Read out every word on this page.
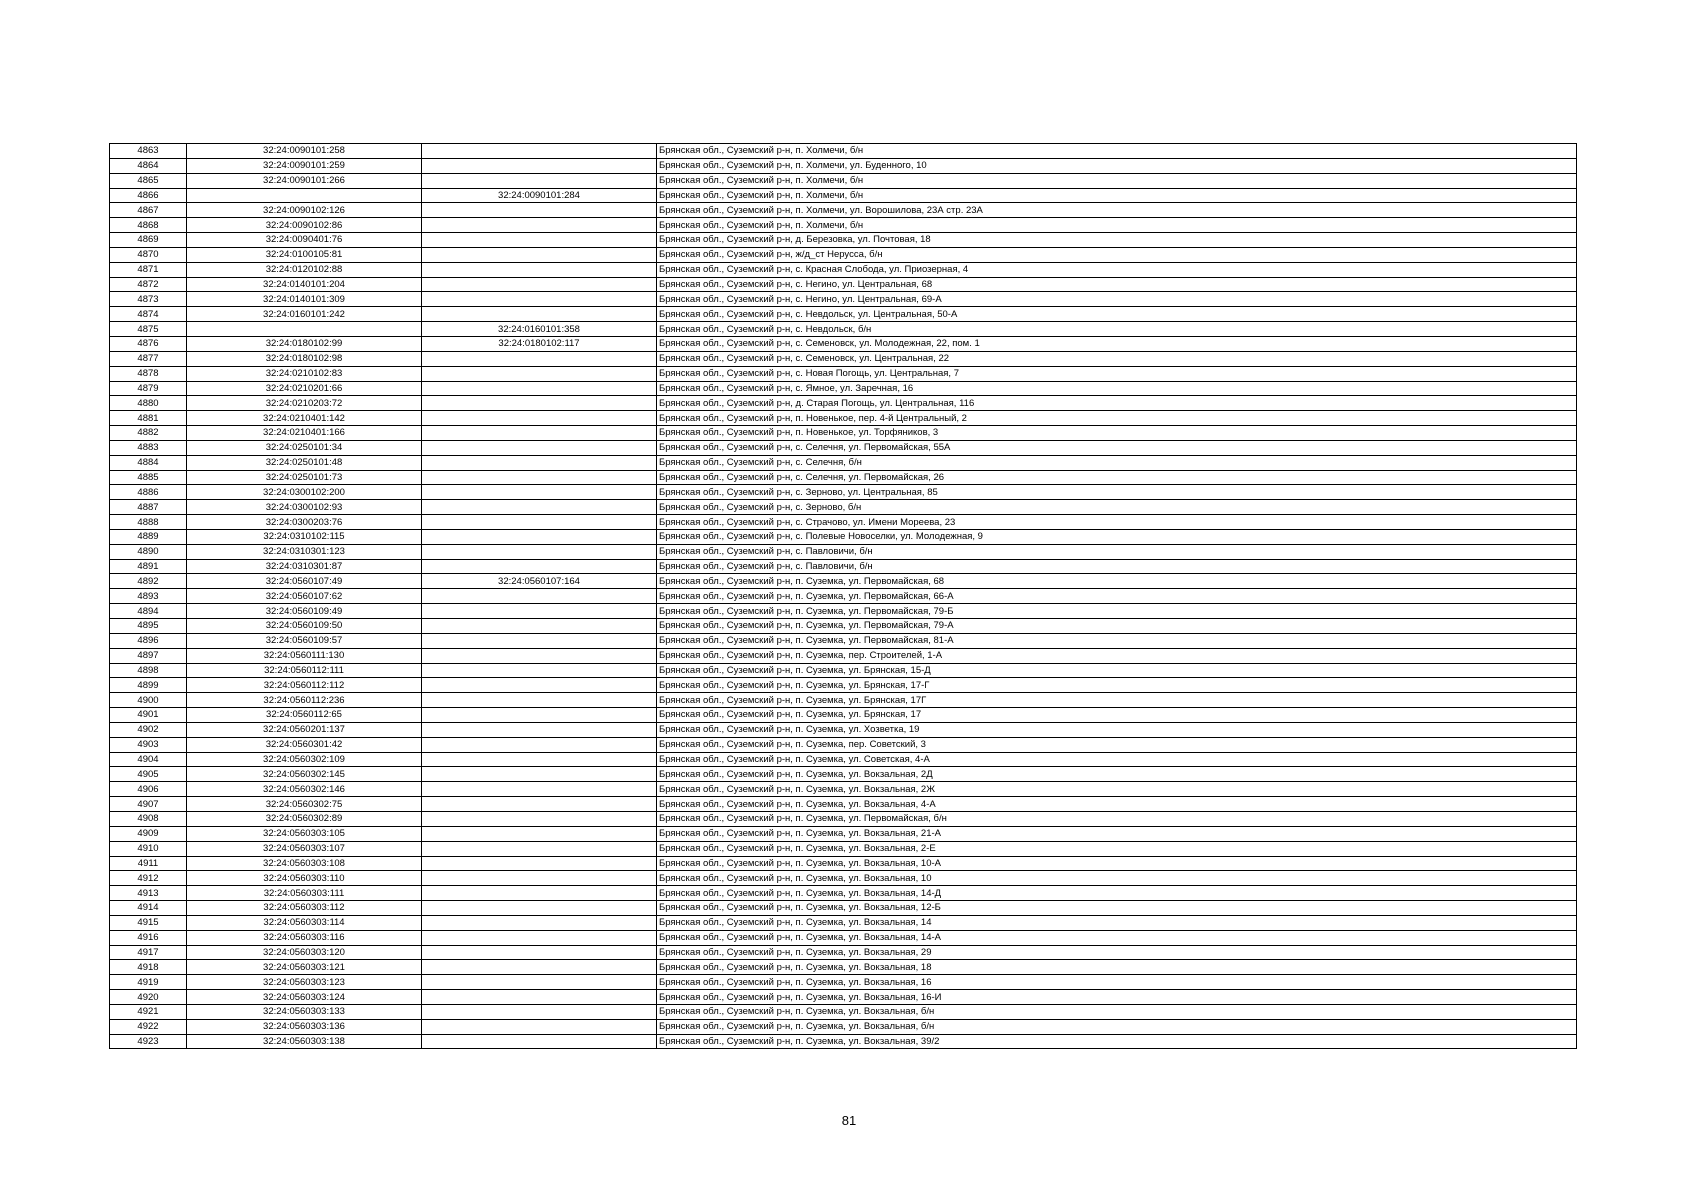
4863	32:24:0090101:258		Брянская обл., Суземский р-н, п. Холмечи, б/н
4864	32:24:0090101:259		Брянская обл., Суземский р-н, п. Холмечи, ул. Буденного, 10
4865	32:24:0090101:266		Брянская обл., Суземский р-н, п. Холмечи, б/н
4866		32:24:0090101:284	Брянская обл., Суземский р-н, п. Холмечи, б/н
4867	32:24:0090102:126		Брянская обл., Суземский р-н, п. Холмечи, ул. Ворошилова, 23А стр. 23А
4868	32:24:0090102:86		Брянская обл., Суземский р-н, п. Холмечи, б/н
4869	32:24:0090401:76		Брянская обл., Суземский р-н, д. Березовка, ул. Почтовая, 18
4870	32:24:0100105:81		Брянская обл., Суземский р-н, ж/д_ст Нерусса, б/н
4871	32:24:0120102:88		Брянская обл., Суземский р-н, с. Красная Слобода, ул. Приозерная, 4
4872	32:24:0140101:204		Брянская обл., Суземский р-н, с. Негино, ул. Центральная, 68
4873	32:24:0140101:309		Брянская обл., Суземский р-н, с. Негино, ул. Центральная, 69-А
4874	32:24:0160101:242		Брянская обл., Суземский р-н, с. Невдольск, ул. Центральная, 50-А
4875		32:24:0160101:358	Брянская обл., Суземский р-н, с. Невдольск, б/н
4876	32:24:0180102:99	32:24:0180102:117	Брянская обл., Суземский р-н, с. Семеновск, ул. Молодежная, 22, пом. 1
4877	32:24:0180102:98		Брянская обл., Суземский р-н, с. Семеновск, ул. Центральная, 22
4878	32:24:0210102:83		Брянская обл., Суземский р-н, с. Новая Погощь, ул. Центральная, 7
4879	32:24:0210201:66		Брянская обл., Суземский р-н, с. Ямное, ул. Заречная, 16
4880	32:24:0210203:72		Брянская обл., Суземский р-н, д. Старая Погощь, ул. Центральная, 116
4881	32:24:0210401:142		Брянская обл., Суземский р-н, п. Новенькое, пер. 4-й Центральный, 2
4882	32:24:0210401:166		Брянская обл., Суземский р-н, п. Новенькое, ул. Торфяников, 3
4883	32:24:0250101:34		Брянская обл., Суземский р-н, с. Селечня, ул. Первомайская, 55А
4884	32:24:0250101:48		Брянская обл., Суземский р-н, с. Селечня, б/н
4885	32:24:0250101:73		Брянская обл., Суземский р-н, с. Селечня, ул. Первомайская, 26
4886	32:24:0300102:200		Брянская обл., Суземский р-н, с. Зерново, ул. Центральная, 85
4887	32:24:0300102:93		Брянская обл., Суземский р-н, с. Зерново, б/н
4888	32:24:0300203:76		Брянская обл., Суземский р-н, с. Страчово, ул. Имени Мореева, 23
4889	32:24:0310102:115		Брянская обл., Суземский р-н, с. Полевые Новоселки, ул. Молодежная, 9
4890	32:24:0310301:123		Брянская обл., Суземский р-н, с. Павловичи, б/н
4891	32:24:0310301:87		Брянская обл., Суземский р-н, с. Павловичи, б/н
4892	32:24:0560107:49	32:24:0560107:164	Брянская обл., Суземский р-н, п. Суземка, ул. Первомайская, 68
4893	32:24:0560107:62		Брянская обл., Суземский р-н, п. Суземка, ул. Первомайская, 66-А
4894	32:24:0560109:49		Брянская обл., Суземский р-н, п. Суземка, ул. Первомайская, 79-Б
4895	32:24:0560109:50		Брянская обл., Суземский р-н, п. Суземка, ул. Первомайская, 79-А
4896	32:24:0560109:57		Брянская обл., Суземский р-н, п. Суземка, ул. Первомайская, 81-А
4897	32:24:0560111:130		Брянская обл., Суземский р-н, п. Суземка, пер. Строителей, 1-А
4898	32:24:0560112:111		Брянская обл., Суземский р-н, п. Суземка, ул. Брянская, 15-Д
4899	32:24:0560112:112		Брянская обл., Суземский р-н, п. Суземка, ул. Брянская, 17-Г
4900	32:24:0560112:236		Брянская обл., Суземский р-н, п. Суземка, ул. Брянская, 17Г
4901	32:24:0560112:65		Брянская обл., Суземский р-н, п. Суземка, ул. Брянская, 17
4902	32:24:0560201:137		Брянская обл., Суземский р-н, п. Суземка, ул. Хозветка, 19
4903	32:24:0560301:42		Брянская обл., Суземский р-н, п. Суземка, пер. Советский, 3
4904	32:24:0560302:109		Брянская обл., Суземский р-н, п. Суземка, ул. Советская, 4-А
4905	32:24:0560302:145		Брянская обл., Суземский р-н, п. Суземка, ул. Вокзальная, 2Д
4906	32:24:0560302:146		Брянская обл., Суземский р-н, п. Суземка, ул. Вокзальная, 2Ж
4907	32:24:0560302:75		Брянская обл., Суземский р-н, п. Суземка, ул. Вокзальная, 4-А
4908	32:24:0560302:89		Брянская обл., Суземский р-н, п. Суземка, ул. Первомайская, б/н
4909	32:24:0560303:105		Брянская обл., Суземский р-н, п. Суземка, ул. Вокзальная, 21-А
4910	32:24:0560303:107		Брянская обл., Суземский р-н, п. Суземка, ул. Вокзальная, 2-Е
4911	32:24:0560303:108		Брянская обл., Суземский р-н, п. Суземка, ул. Вокзальная, 10-А
4912	32:24:0560303:110		Брянская обл., Суземский р-н, п. Суземка, ул. Вокзальная, 10
4913	32:24:0560303:111		Брянская обл., Суземский р-н, п. Суземка, ул. Вокзальная, 14-Д
4914	32:24:0560303:112		Брянская обл., Суземский р-н, п. Суземка, ул. Вокзальная, 12-Б
4915	32:24:0560303:114		Брянская обл., Суземский р-н, п. Суземка, ул. Вокзальная, 14
4916	32:24:0560303:116		Брянская обл., Суземский р-н, п. Суземка, ул. Вокзальная, 14-А
4917	32:24:0560303:120		Брянская обл., Суземский р-н, п. Суземка, ул. Вокзальная, 29
4918	32:24:0560303:121		Брянская обл., Суземский р-н, п. Суземка, ул. Вокзальная, 18
4919	32:24:0560303:123		Брянская обл., Суземский р-н, п. Суземка, ул. Вокзальная, 16
4920	32:24:0560303:124		Брянская обл., Суземский р-н, п. Суземка, ул. Вокзальная, 16-И
4921	32:24:0560303:133		Брянская обл., Суземский р-н, п. Суземка, ул. Вокзальная, б/н
4922	32:24:0560303:136		Брянская обл., Суземский р-н, п. Суземка, ул. Вокзальная, б/н
4923	32:24:0560303:138		Брянская обл., Суземский р-н, п. Суземка, ул. Вокзальная, 39/2
81
